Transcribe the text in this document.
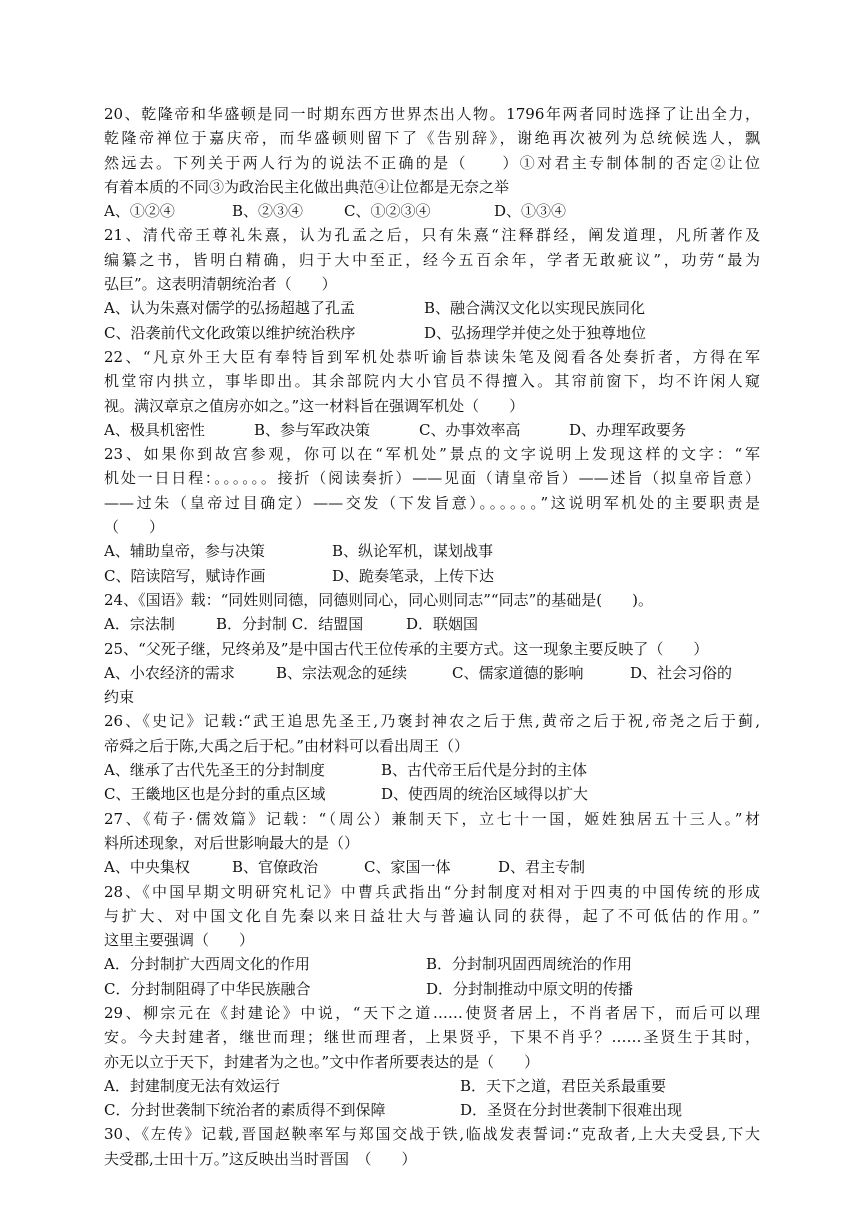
20、乾隆帝和华盛顿是同一时期东西方世界杰出人物。1796年两者同时选择了让出全力，
乾隆帝禅位于嘉庆帝，而华盛顿则留下了《告别辞》，谢绝再次被列为总统候选人，飘
然远去。下列关于两人行为的说法不正确的是（　　）①对君主专制体制的否定②让位
有着本质的不同③为政治民主化做出典范④让位都是无奈之举
A、①②④	B、②③④	C、①②③④	D、①③④
21、清代帝王尊礼朱熹，认为孔孟之后，只有朱熹“注释群经，阐发道理，凡所著作及
编纂之书，皆明白精确，归于大中至正，经今五百余年，学者无敢疵议”，功劳“最为
弘巨”。这表明清朝统治者（　　）
A、认为朱熹对儒学的弘扬超越了孔孟	B、融合满汉文化以实现民族同化
C、沿袭前代文化政策以维护统治秩序	D、弘扬理学并使之处于独尊地位
22、“凡京外王大臣有奉特旨到军机处恭听谕旨恭读朱笔及阅看各处奏折者，方得在军
机堂帘内拱立，事毕即出。其余部院内大小官员不得擅入。其帘前窗下，均不许闲人窥
视。满汉章京之值房亦如之。”这一材料旨在强调军机处（　　）
A、极具机密性	B、参与军政决策	C、办事效率高	D、办理军政要务
23、如果你到故宫参观，你可以在“军机处”景点的文字说明上发现这样的文字：“军
机处一日日程：。。。。。。接折（阅读奏折）——见面（请皇帝旨）——述旨（拟皇帝旨意）
——过朱（皇帝过目确定）——交发（下发旨意）。。。。。。”这说明军机处的主要职责是
（　　）
A、辅助皇帝，参与决策	B、纵论军机，谋划战事
C、陪读陪写，赋诗作画	D、跪奏笔录，上传下达
24、《国语》载：“同姓则同德，同德则同心，同心则同志”“同志”的基础是(　　)。
A．宗法制	B．分封制 C．结盟国	D．联姻国
25、“父死子继，兄终弟及”是中国古代王位传承的主要方式。这一现象主要反映了（　　）
A、小农经济的需求	B、宗法观念的延续	C、儒家道德的影响	D、社会习俗的
约束
26、《史记》记载:“武王追思先圣王,乃褒封神农之后于焦,黄帝之后于祝,帝尧之后于蓟,
帝舜之后于陈,大禹之后于杞。”由材料可以看出周王（）
A、继承了古代先圣王的分封制度	B、古代帝王后代是分封的主体
C、王畿地区也是分封的重点区域	D、使西周的统治区域得以扩大
27、《荀子·儒效篇》记载：“（周公）兼制天下，立七十一国，姬姓独居五十三人。”材
料所述现象，对后世影响最大的是（）
A、中央集权	B、官僚政治	C、家国一体	D、君主专制
28、《中国早期文明研究札记》中曹兵武指出“分封制度对相对于四夷的中国传统的形成
与扩大、对中国文化自先秦以来日益壮大与普遍认同的获得，起了不可低估的作用。”
这里主要强调（　　）
A．分封制扩大西周文化的作用	B．分封制巩固西周统治的作用
C．分封制阻碍了中华民族融合	D．分封制推动中原文明的传播
29、柳宗元在《封建论》中说，“天下之道……使贤者居上，不肖者居下，而后可以理
安。今夫封建者，继世而理；继世而理者，上果贤乎，下果不肖乎？……圣贤生于其时，
亦无以立于天下，封建者为之也。”文中作者所要表达的是（　　）
A．封建制度无法有效运行	B．天下之道，君臣关系最重要
C．分封世袭制下统治者的素质得不到保障	D．圣贤在分封世袭制下很难出现
30、《左传》记载,晋国赵鞅率军与郑国交战于铁,临战发表誓词:“克敌者,上大夫受县,下大
夫受郡,士田十万。”这反映出当时晋国　（　　）
